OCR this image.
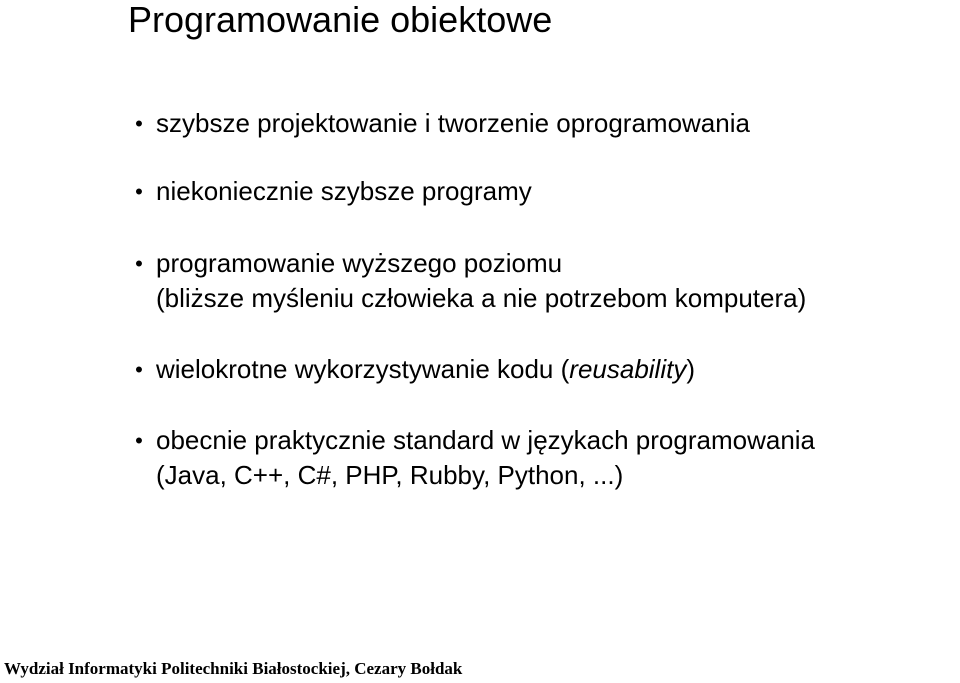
Programowanie obiektowe
• szybsze projektowanie i tworzenie oprogramowania
• niekoniecznie szybsze programy
• programowanie wyższego poziomu
(bliższe myśleniu człowieka a nie potrzebom komputera)
• wielokrotne wykorzystywanie kodu (reusability)
• obecnie praktycznie standard w językach programowania
(Java, C++, C#, PHP, Rubby, Python, ...)
Wydział Informatyki Politechniki Białostockiej, Cezary Bołdak
